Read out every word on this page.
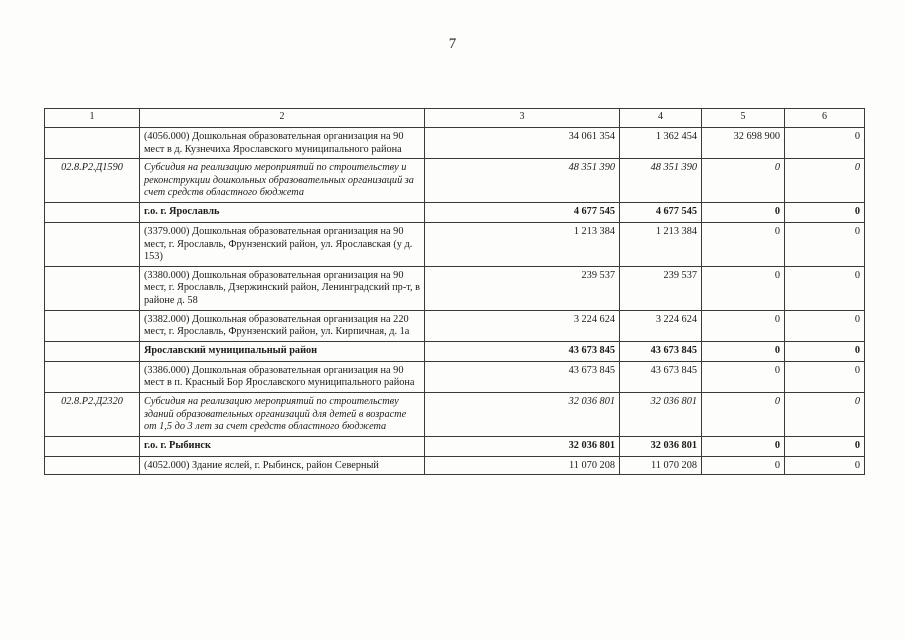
7
1	2	3	4	5	6
	(4056.000) Дошкольная образовательная организация на 90 мест в д. Кузнечиха Ярославского муниципального района	34 061 354	1 362 454	32 698 900	0
02.8.Р2.Д1590	Субсидия на реализацию мероприятий по строительству и реконструкции дошкольных образовательных организаций за счет средств областного бюджета	48 351 390	48 351 390	0	0
	г.о. г. Ярославль	4 677 545	4 677 545	0	0
	(3379.000) Дошкольная образовательная организация на 90 мест, г. Ярославль, Фрунзенский район, ул. Ярославская (у д. 153)	1 213 384	1 213 384	0	0
	(3380.000) Дошкольная образовательная организация на 90 мест, г. Ярославль, Дзержинский район, Ленинградский пр-т, в районе д. 58	239 537	239 537	0	0
	(3382.000) Дошкольная образовательная организация на 220 мест, г. Ярославль, Фрунзенский район, ул. Кирпичная, д. 1а	3 224 624	3 224 624	0	0
	Ярославский муниципальный район	43 673 845	43 673 845	0	0
	(3386.000) Дошкольная образовательная организация на 90 мест в п. Красный Бор Ярославского муниципального района	43 673 845	43 673 845	0	0
02.8.Р2.Д2320	Субсидия на реализацию мероприятий по строительству зданий образовательных организаций для детей в возрасте от 1,5 до 3 лет за счет средств областного бюджета	32 036 801	32 036 801	0	0
	г.о. г. Рыбинск	32 036 801	32 036 801	0	0
	(4052.000) Здание яслей, г. Рыбинск, район Северный	11 070 208	11 070 208	0	0
